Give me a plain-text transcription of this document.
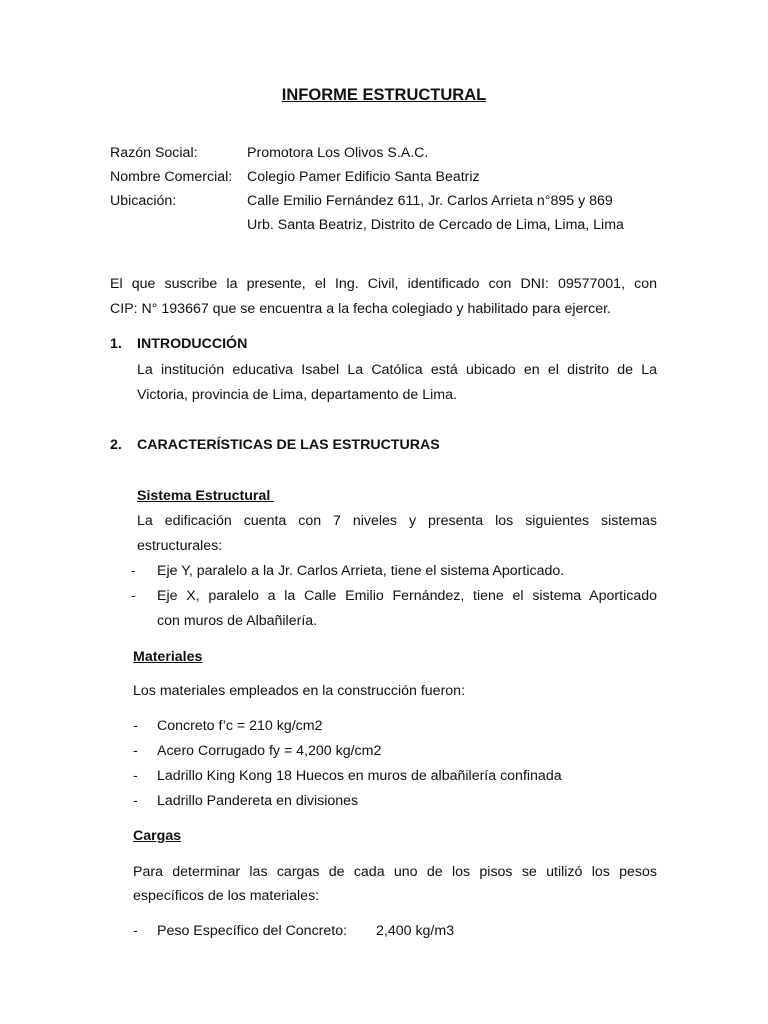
INFORME ESTRUCTURAL
Razón Social:	Promotora Los Olivos S.A.C.
Nombre Comercial: Colegio Pamer Edificio Santa Beatriz
Ubicación:	Calle Emilio Fernández 611, Jr. Carlos Arrieta n°895 y 869
Urb. Santa Beatriz, Distrito de Cercado de Lima, Lima, Lima
El que suscribe la presente, el Ing. Civil, identificado con DNI: 09577001, con
CIP: N° 193667 que se encuentra a la fecha colegiado y habilitado para ejercer.
1. INTRODUCCIÓN
La institución educativa Isabel La Católica está ubicado en el distrito de La
Victoria, provincia de Lima, departamento de Lima.
2. CARACTERÍSTICAS DE LAS ESTRUCTURAS
Sistema Estructural
La edificación cuenta con 7 niveles y presenta los siguientes sistemas
estructurales:
- Eje Y, paralelo a la Jr. Carlos Arrieta, tiene el sistema Aporticado.
- Eje X, paralelo a la Calle Emilio Fernández, tiene el sistema Aporticado
con muros de Albañilería.
Materiales
Los materiales empleados en la construcción fueron:
- Concreto f’c = 210 kg/cm2
- Acero Corrugado fy = 4,200 kg/cm2
- Ladrillo King Kong 18 Huecos en muros de albañilería confinada
- Ladrillo Pandereta en divisiones
Cargas
Para determinar las cargas de cada uno de los pisos se utilizó los pesos
específicos de los materiales:
- Peso Específico del Concreto: 2,400 kg/m3
